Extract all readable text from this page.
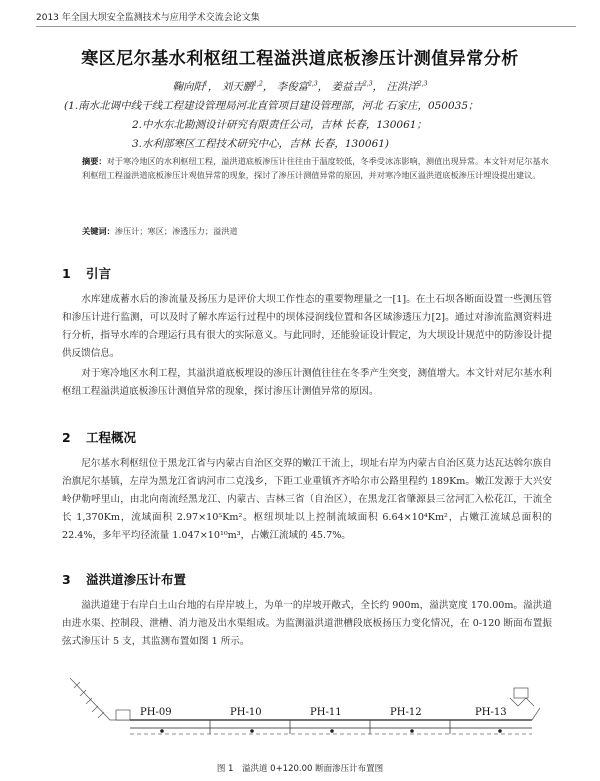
2013 年全国大坝安全监测技术与应用学术交流会论文集
寒区尼尔基水利枢纽工程溢洪道底板渗压计测值异常分析
鞠向阳$^1$， 刘天鹏$^{1,2}$， 李俊富$^{2,3}$， 姜益吉$^{2,3}$， 汪洪洋$^{2,3}$
(1.南水北调中线干线工程建设管理局河北直管项目建设管理部，河北 石家庄，050035；
2.中水东北勘测设计研究有限责任公司，吉林 长春，130061；
3.水利部寒区工程技术研究中心，吉林 长春，130061)
摘要：对于寒冷地区的水利枢纽工程，溢洪道底板渗压计往往由于温度较低，冬季受冰冻影响，测值出现异常。本文针对尼尔基水利枢纽工程溢洪道底板渗压计观值异常的现象，探讨了渗压计测值异常的原因，并对寒冷地区溢洪道底板渗压计埋设提出建议。
关键词：渗压计；寒区；渗透压力；溢洪道
1 引言
水库建成蓄水后的渗流量及扬压力是评价大坝工作性态的重要物理量之一[1]。在土石坝各断面设置一些测压管和渗压计进行监测，可以及时了解水库运行过程中的坝体浸润线位置和各区域渗透压力[2]。通过对渗流监测资料进行分析，指导水库的合理运行具有很大的实际意义。与此同时，还能验证设计假定，为大坝设计规范中的防渗设计提供反馈信息。
对于寒冷地区水利工程，其溢洪道底板埋设的渗压计测值往往在冬季产生突变，测值增大。本文针对尼尔基水利枢纽工程溢洪道底板渗压计测值异常的现象，探讨渗压计测值异常的原因。
2 工程概况
尼尔基水利枢纽位于黑龙江省与内蒙古自治区交界的嫩江干流上，坝址右岸为内蒙古自治区莫力达瓦达斡尔族自治旗尼尔基镇，左岸为黑龙江省讷河市二克浅乡，下距工业重镇齐齐哈尔市公路里程约 189Km。嫩江发源于大兴安岭伊勒呼里山，由北向南流经黑龙江、内蒙古、吉林三省（自治区），在黑龙江省肇源县三岔河汇入松花江，干流全长 1,370Km，流域面积 2.97×10⁵Km²。枢纽坝址以上控制流域面积 6.64×10⁴Km²，占嫩江流域总面积的 22.4%，多年平均径流量 1.047×10¹⁰m³，占嫩江流域的 45.7%。
3 溢洪道渗压计布置
溢洪道建于右岸白土山台地的右岸岸坡上，为单一的岸坡开敞式，全长约 900m，溢洪宽度 170.00m。溢洪道由进水渠、控制段、泄槽、消力池及出水渠组成。为监测溢洪道泄槽段底板扬压力变化情况，在 0-120 断面布置振弦式渗压计 5 支，其监测布置如图 1 所示。
PH-09	PH-10	PH-11	PH-12	PH-13
图 1　溢洪道 0+120.00 断面渗压计布置图
